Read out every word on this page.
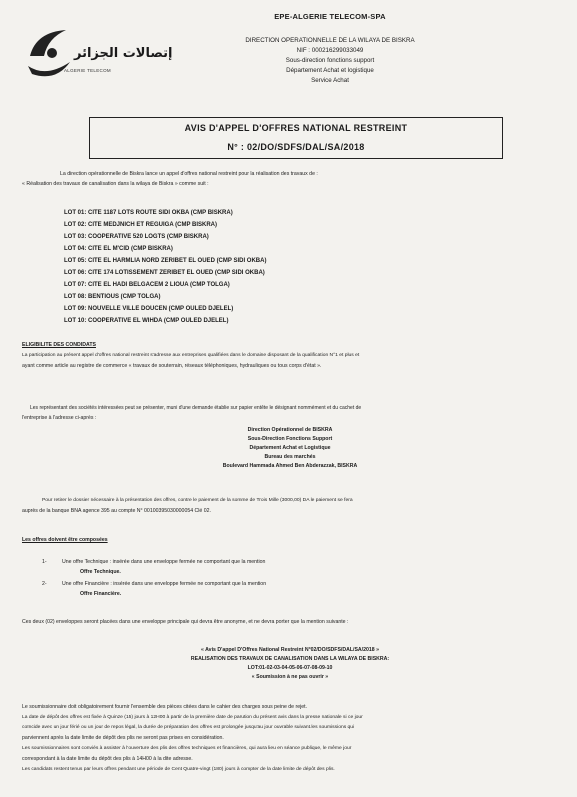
إتصالات الجزائر
ALGERIE TELECOM
EPE-ALGERIE TELECOM-SPA
DIRECTION OPERATIONNELLE DE LA WILAYA DE BISKRA
NIF : 000216299033049
Sous-direction fonctions support
Département Achat et logistique
Service Achat
AVIS D'APPEL D'OFFRES NATIONAL RESTREINT
N° : 02/DO/SDFS/DAL/SA/2018
La direction opérationnelle de Biskra lance un appel d'offres national restreint pour la réalisation des travaux de :
« Réalisation des travaux de canalisation dans la wilaya de Biskra » comme suit :
LOT 01: CITE 1187 LOTS ROUTE SIDI OKBA (CMP BISKRA)
LOT 02: CITE MEDJNICH ET REGUIGA (CMP BISKRA)
LOT 03: COOPERATIVE 520 LOGTS (CMP BISKRA)
LOT 04: CITE EL M'CID (CMP BISKRA)
LOT 05: CITE EL HARMLIA NORD ZERIBET EL OUED (CMP SIDI OKBA)
LOT 06: CITE 174 LOTISSEMENT ZERIBET EL OUED (CMP SIDI OKBA)
LOT 07: CITE EL HADI BELGACEM 2 LIOUA (CMP TOLGA)
LOT 08: BENTIOUS (CMP TOLGA)
LOT 09: NOUVELLE VILLE DOUCEN (CMP OULED DJELEL)
LOT 10: COOPERATIVE EL WIHDA (CMP OULED DJELEL)
ELIGIBILITE DES CONDIDATS
La participation au présent appel d'offres national restreint s'adresse aux entreprises qualifiées dans le domaine disposant de la qualification N°1 et plus et
ayant comme article au registre de commerce « travaux de souterrain, réseaux téléphoniques, hydrauliques ou tous corps d'état ».
Les représentant des sociétés intéressées peut se présenter, muni d'une demande établie sur papier entête le désignant nommément et du cachet de
l'entreprise à l'adresse ci-après :
Direction Opérationnel de BISKRA
Sous-Direction Fonctions Support
Département Achat et Logistique
Bureau des marchés
Boulevard Hammada Ahmed Ben Abderazzak, BISKRA
Pour retirer le dossier nécessaire à la présentation des offres, contre le paiement de la somme de Trois Mille (3000,00) DA le paiement se fera
auprès de la banque BNA agence 395 au compte N° 00100395030000054 Clé 02.
Les offres doivent être composées
1-	Une offre Technique : insérée dans une enveloppe fermée ne comportant que la mention
Offre Technique.
2-	Une offre Financière : insérée dans une enveloppe fermée ne comportant que la mention
Offre Financière.
Ces deux (02) enveloppes seront placées dans une enveloppe principale qui devra être anonyme, et ne devra porter que la mention suivante :
« Avis D'appel D'Offres National Restreint N°02/DO/SDFS/DAL/SA/2018 »
REALISATION DES TRAVAUX DE CANALISATION DANS LA WILAYA DE BISKRA:
LOT:01-02-03-04-05-06-07-08-09-10
« Soumission à ne pas ouvrir »
Le soumissionnaire doit obligatoirement fournir l'ensemble des pièces citées dans le cahier des charges sous peine de rejet.
La date de dépôt des offres est fixée à Quinze (15) jours à 12H00 à partir de la première date de parution du présent avis dans la presse nationale si ce jour
coïncide avec un jour férié ou un jour de repos légal, la durée de préparation des offres est prolongée jusqu'au jour ouvrable suivant.les soumissions qui
parviennent après la date limite de dépôt des plis ne seront pas prises en considération.
Les soumissionnaires sont conviés à assister à l'ouverture des plis des offres techniques et financières, qui aura lieu en séance publique, le même jour
correspondant à la date limite du dépôt des plis à 14H00 à la dite adresse.
Les candidats restent tenus par leurs offres pendant une période de Cent Quatre-vingt (180) jours à compter de la date limite de dépôt des plis.
